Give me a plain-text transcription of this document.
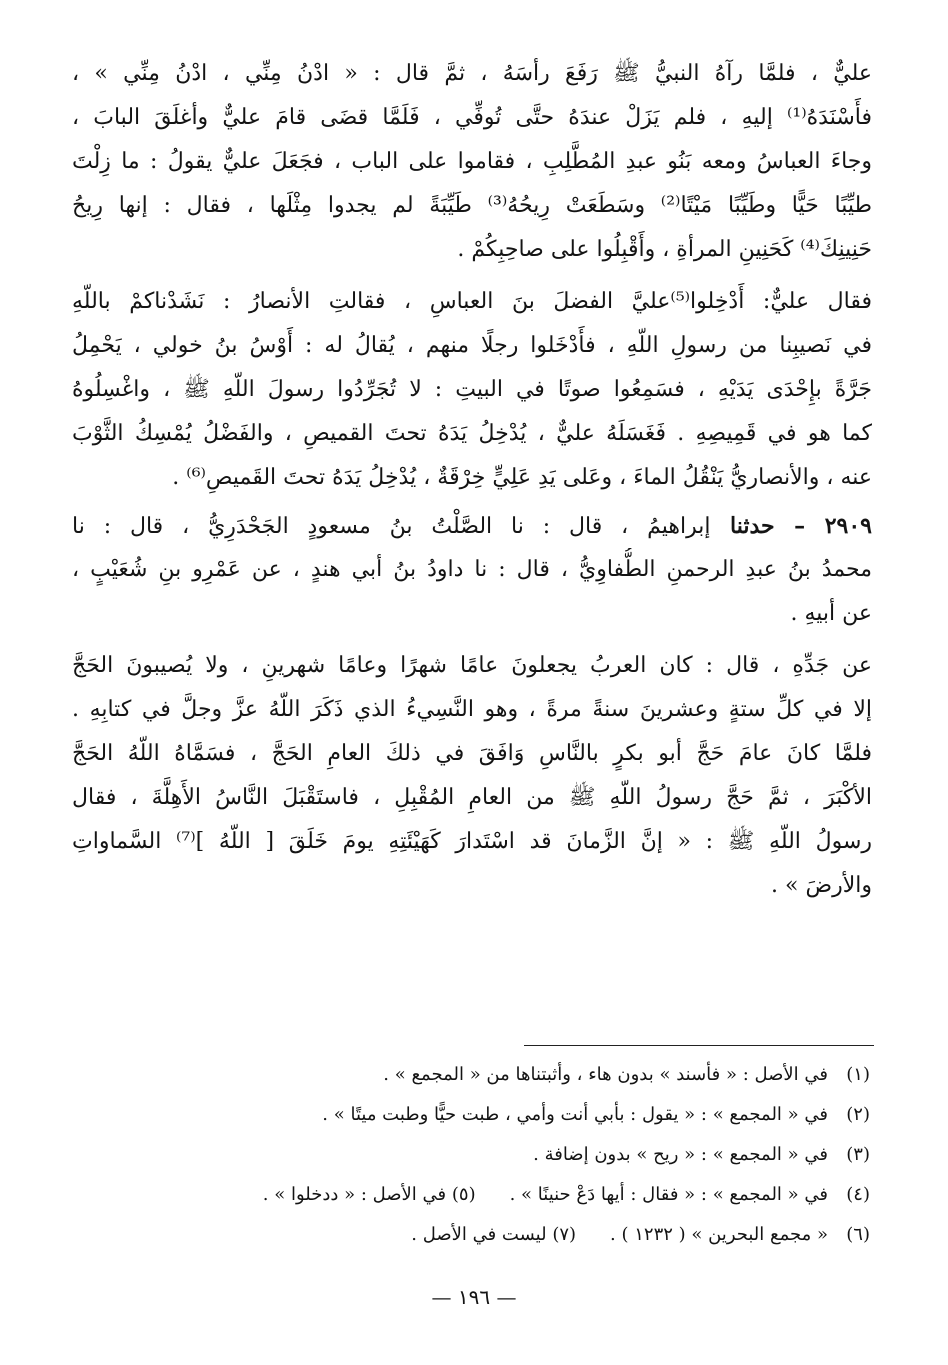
عليٌّ ، فلمَّا رآهُ النبيُّ ﷺ رَفَعَ رأسَهُ ، ثمَّ قال : « ادْنُ مِنِّي ، ادْنُ مِنِّي » ،

فأَسْنَدَهُ⁽¹⁾ إليهِ ، فلم يَزَلْ عندَهُ حتَّى تُوفِّي ، فَلَمَّا قضَى قامَ عليٌّ وأغلَقَ البابَ ،

وجاءَ العباسُ ومعه بَنُو عبدِ المُطَّلِبِ ، فقاموا على الباب ، فجَعَلَ عليٌّ يقولُ : ما زِلْتَ

طيِّبًا حَيًّا وطَيِّبًا مَيْتًا⁽²⁾ وسَطَعَتْ رِيحُهُ⁽³⁾ طَيِّبَةً لم يجدوا مِثْلَها ، فقال : إنها رِيحُ

حَنِينِكَ⁽⁴⁾ كَحَنِينِ المرأةِ ، وأَقْبِلُوا على صاحِبِكُمْ .

فقال عليٌّ: أَدْخِلوا⁽⁵⁾عليَّ الفضلَ بنَ العباسِ ، فقالتِ الأنصارُ : نَشَدْناكمْ باللّهِ

في نَصيبِنا من رسولِ اللّهِ ، فأَدْخَلوا رجلًا منهم ، يُقالُ له : أَوْسُ بنُ خولي ، يَحْمِلُ

جَرَّةً بإِحْدَى يَدَيْهِ ، فسَمِعُوا صوتًا في البيتِ : لا تُجَرِّدُوا رسولَ اللّهِ ﷺ ، واغْسِلُوهُ

كما هو في قَمِيصِهِ . فَغَسَلَهُ عليٌّ ، يُدْخِلُ يَدَهُ تحتَ القميصِ ، والفَضْلُ يُمْسِكُ الثَّوْبَ

عنه ، والأنصاريُّ يَنْقُلُ الماءَ ، وعَلى يَدِ عَلِيٍّ خِرْقَةٌ ، يُدْخِلُ يَدَهُ تحتَ القَميصِ⁽⁶⁾ .

٢٩٠٩ – حدثنا إبراهيمُ ، قال : نا الصَّلْتُ بنُ مسعودٍ الجَحْدَرِيُّ ، قال : نا

محمدُ بنُ عبدِ الرحمنِ الطُّفاوِيُّ ، قال : نا داودُ بنُ أبي هندٍ ، عن عَمْرِو بنِ شُعَيْبٍ ،

عن أبيهِ .

عن جَدِّهِ ، قال : كان العربُ يجعلونَ عامًا شهرًا وعامًا شهرينِ ، ولا يُصيبونَ الحَجَّ

إلا في كلِّ ستةٍ وعشرينَ سنةً مرةً ، وهو النَّسِيءُ الذي ذَكَرَ اللّهُ عزَّ وجلَّ في كتابِهِ .

فلمَّا كانَ عامَ حَجَّ أبو بكرٍ بالنَّاسِ وَافَقَ في ذلكَ العامِ الحَجَّ ، فسَمَّاهُ اللّهُ الحَجَّ

الأكْبَرَ ، ثمَّ حَجَّ رسولُ اللّهِ ﷺ من العامِ المُقْبِلِ ، فاستَقْبَلَ النَّاسُ الأَهِلَّةَ ، فقال

رسولُ اللّهِ ﷺ : « إنَّ الزَّمانَ قد اسْتَدارَ كَهَيْئَتِهِ يومَ خَلَقَ [ اللّهُ ]⁽⁷⁾ السَّماواتِ

والأرضَ » .

(١)في الأصل : « فأسند » بدون هاء ، وأثبتناها من « المجمع » .
(٢)في « المجمع » : « يقول : بأبي أنت وأمي ، طبت حيًّا وطبت ميتًا » .
(٣)في « المجمع » : « ريح » بدون إضافة .
(٤)في « المجمع » : « فقال : أيها دَعْ حنينًا » .(٥) في الأصل : « ددخلوا » .
(٦)« مجمع البحرين » ( ١٢٣٢ ) .(٧) ليست في الأصل .
— ١٩٦ —
